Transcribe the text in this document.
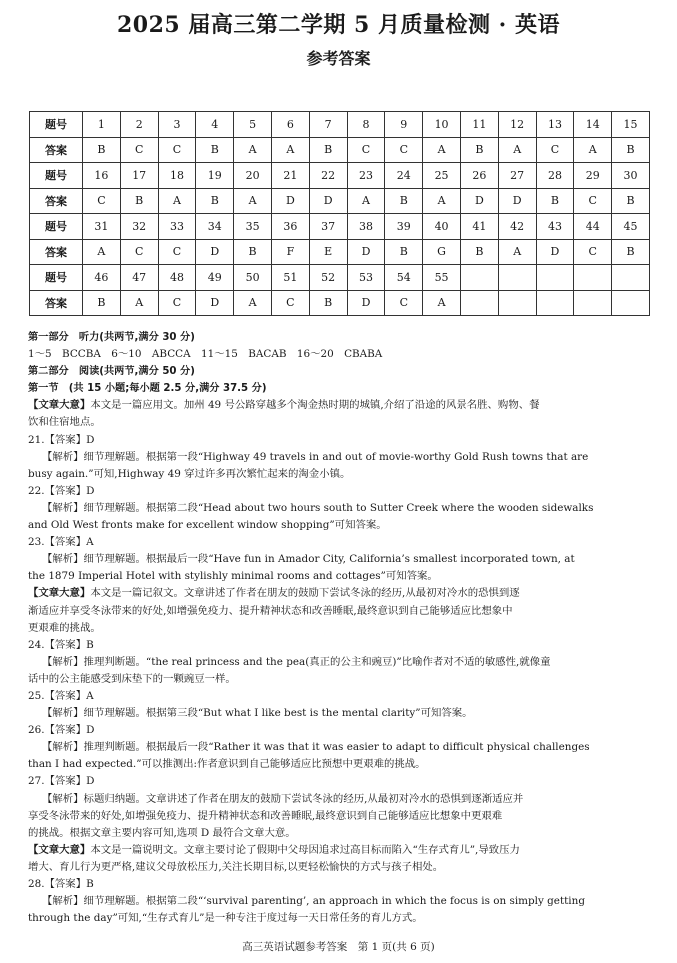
2025 届高三第二学期 5 月质量检测 · 英语
参考答案
题号	1	2	3	4	5	6	7	8	9	10	11	12	13	14	15
答案	B	C	C	B	A	A	B	C	C	A	B	A	C	A	B
题号	16	17	18	19	20	21	22	23	24	25	26	27	28	29	30
答案	C	B	A	B	A	D	D	A	B	A	D	D	B	C	B
题号	31	32	33	34	35	36	37	38	39	40	41	42	43	44	45
答案	A	C	C	D	B	F	E	D	B	G	B	A	D	C	B
题号	46	47	48	49	50	51	52	53	54	55					
答案	B	A	C	D	A	C	B	D	C	A					

第一部分　听力(共两节,满分 30 分)

1～5　BCCBA　6～10　ABCCA　11～15　BACAB　16～20　CBABA

第二部分　阅读(共两节,满分 50 分)

第一节　(共 15 小题;每小题 2.5 分,满分 37.5 分)

【文章大意】本文是一篇应用文。加州 49 号公路穿越多个淘金热时期的城镇,介绍了沿途的风景名胜、购物、餐

饮和住宿地点。

21.【答案】D

【解析】细节理解题。根据第一段“Highway 49 travels in and out of movie-worthy Gold Rush towns that are

busy again.”可知,Highway 49 穿过许多再次繁忙起来的淘金小镇。

22.【答案】D

【解析】细节理解题。根据第二段“Head about two hours south to Sutter Creek where the wooden sidewalks

and Old West fronts make for excellent window shopping”可知答案。

23.【答案】A

【解析】细节理解题。根据最后一段“Have fun in Amador City, California’s smallest incorporated town, at

the 1879 Imperial Hotel with stylishly minimal rooms and cottages”可知答案。

【文章大意】本文是一篇记叙文。文章讲述了作者在朋友的鼓励下尝试冬泳的经历,从最初对冷水的恐惧到逐

渐适应并享受冬泳带来的好处,如增强免疫力、提升精神状态和改善睡眠,最终意识到自己能够适应比想象中

更艰难的挑战。

24.【答案】B

【解析】推理判断题。“the real princess and the pea(真正的公主和豌豆)”比喻作者对不适的敏感性,就像童

话中的公主能感受到床垫下的一颗豌豆一样。

25.【答案】A

【解析】细节理解题。根据第三段“But what I like best is the mental clarity”可知答案。

26.【答案】D

【解析】推理判断题。根据最后一段“Rather it was that it was easier to adapt to difficult physical challenges

than I had expected.”可以推测出:作者意识到自己能够适应比预想中更艰难的挑战。

27.【答案】D

【解析】标题归纳题。文章讲述了作者在朋友的鼓励下尝试冬泳的经历,从最初对冷水的恐惧到逐渐适应并

享受冬泳带来的好处,如增强免疫力、提升精神状态和改善睡眠,最终意识到自己能够适应比想象中更艰难

的挑战。根据文章主要内容可知,选项 D 最符合文章大意。

【文章大意】本文是一篇说明文。文章主要讨论了假期中父母因追求过高目标而陷入“生存式育儿”,导致压力

增大、育儿行为更严格,建议父母放松压力,关注长期目标,以更轻松愉快的方式与孩子相处。

28.【答案】B

【解析】细节理解题。根据第二段“‘survival parenting’, an approach in which the focus is on simply getting

through the day”可知,“生存式育儿”是一种专注于度过每一天日常任务的育儿方式。

高三英语试题参考答案　第 1 页(共 6 页)
